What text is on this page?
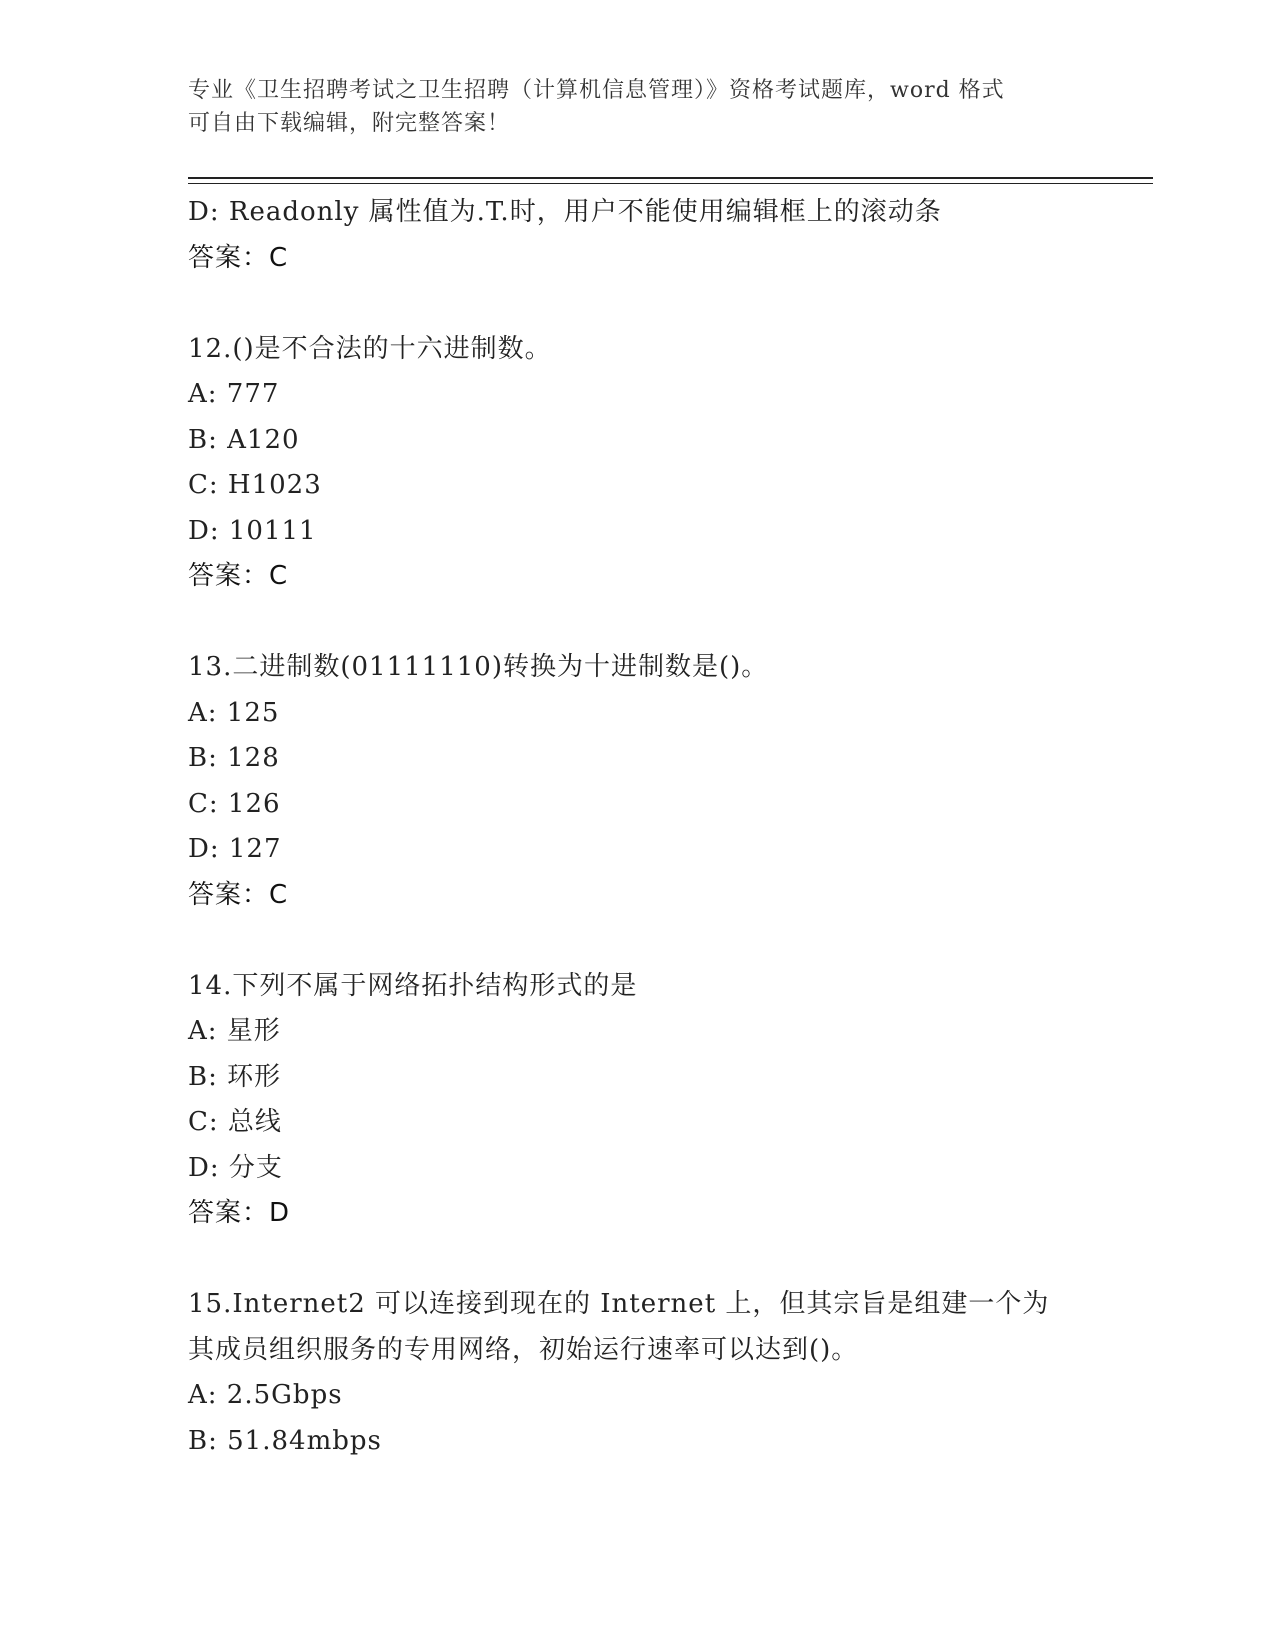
专业《卫生招聘考试之卫生招聘（计算机信息管理）》资格考试题库，word 格式
可自由下载编辑，附完整答案！
D: Readonly 属性值为.T.时，用户不能使用编辑框上的滚动条
答案：C
12.()是不合法的十六进制数。
A: 777
B: A120
C: H1023
D: 10111
答案：C
13.二进制数(01111110)转换为十进制数是()。
A: 125
B: 128
C: 126
D: 127
答案：C
14.下列不属于网络拓扑结构形式的是
A: 星形
B: 环形
C: 总线
D: 分支
答案：D
15.Internet2 可以连接到现在的 Internet 上，但其宗旨是组建一个为
其成员组织服务的专用网络，初始运行速率可以达到()。
A: 2.5Gbps
B: 51.84mbps
